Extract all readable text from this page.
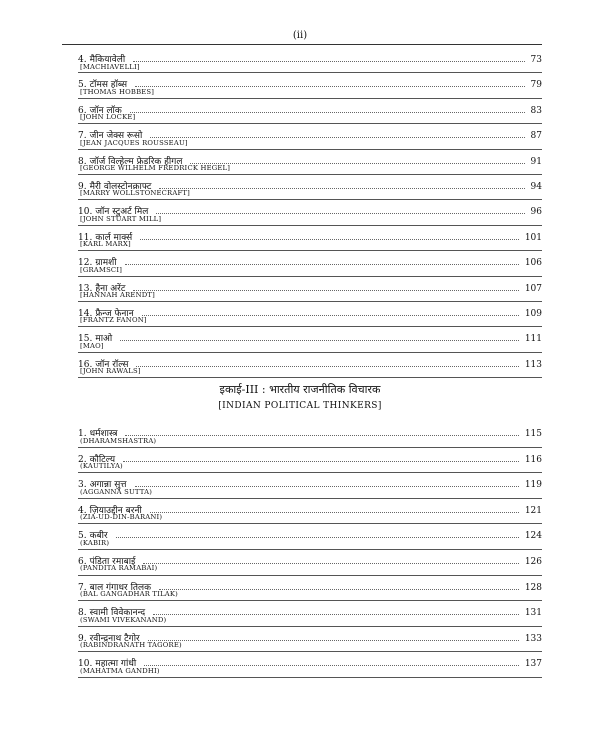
(ii)
4. मैकियावेली	73
[MACHIAVELLI]
5. टॉमस हॉब्स	79
[THOMAS HOBBES]
6. जॉन लॉक	83
[JOHN LOCKE]
7. जीन जेक्स रूसो	87
[JEAN JACQUES ROUSSEAU]
8. जॉर्ज विल्हेल्म फ्रेडरिक हीगल	91
[GEORGE WILHELM FREDRICK HEGEL]
9. मैरी वोलस्टोनक्राफ्ट	94
[MARRY WOLLSTONECRAFT]
10. जॉन स्टुअर्ट मिल	96
[JOHN STUART MILL]
11. कार्ल मार्क्स	101
[KARL MARX]
12. ग्रामशी	106
[GRAMSCI]
13. हैना अरेंट	107
[HANNAH ARENDT]
14. फ्रैन्ज फेनान	109
[FRANTZ FANON]
15. माओ	111
[MAO]
16. जॉन रॉल्स	113
[JOHN RAWALS]
इकाई-III : भारतीय राजनीतिक विचारक
[INDIAN POLITICAL THINKERS]
1. धर्मशास्त्र	115
(DHARAMSHASTRA)
2. कौटिल्य	116
(KAUTILYA)
3. अगान्ना सुत्त	119
(AGGANNA SUTTA)
4. ज़ियाउद्दीन बरनी	121
(ZIA-UD-DIN-BARANI)
5. कबीर	124
(KABIR)
6. पंडिता रमाबाई	126
(PANDITA RAMABAI)
7. बाल गंगाधर तिलक	128
(BAL GANGADHAR TILAK)
8. स्वामी विवेकानन्द	131
(SWAMI VIVEKANAND)
9. रवीन्द्रनाथ टैगोर	133
(RABINDRANATH TAGORE)
10. महात्मा गांधी	137
(MAHATMA GANDHI)
